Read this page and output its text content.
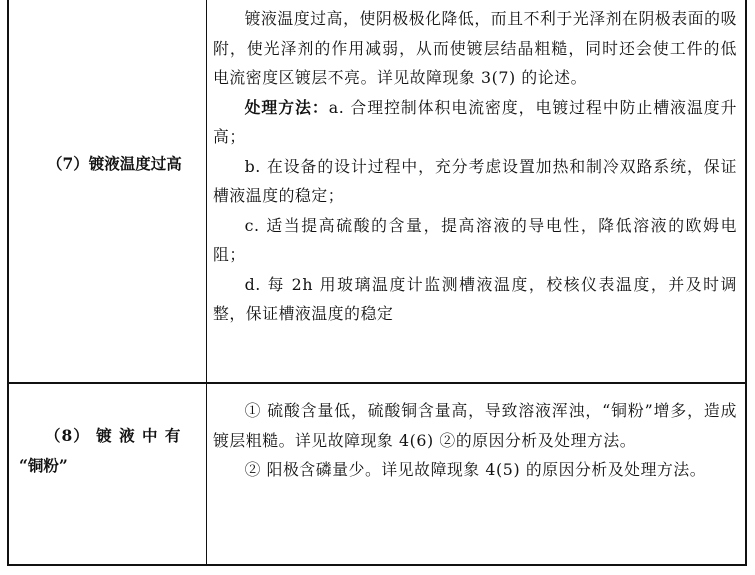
（7）镀液温度过高

镀液温度过高，使阴极极化降低，而且不利于光泽剂在阴极表面的吸附，使光泽剂的作用减弱，从而使镀层结晶粗糙，同时还会使工件的低电流密度区镀层不亮。详见故障现象 3(7) 的论述。

处理方法：a. 合理控制体积电流密度，电镀过程中防止槽液温度升高；

b. 在设备的设计过程中，充分考虑设置加热和制冷双路系统，保证槽液温度的稳定；

c. 适当提高硫酸的含量，提高溶液的导电性，降低溶液的欧姆电阻；

d. 每 2h 用玻璃温度计监测槽液温度，校核仪表温度，并及时调整，保证槽液温度的稳定

（8） 镀 液 中 有
“铜粉”

① 硫酸含量低，硫酸铜含量高，导致溶液浑浊，“铜粉”增多，造成镀层粗糙。详见故障现象 4(6) ②的原因分析及处理方法。

② 阳极含磷量少。详见故障现象 4(5) 的原因分析及处理方法。
